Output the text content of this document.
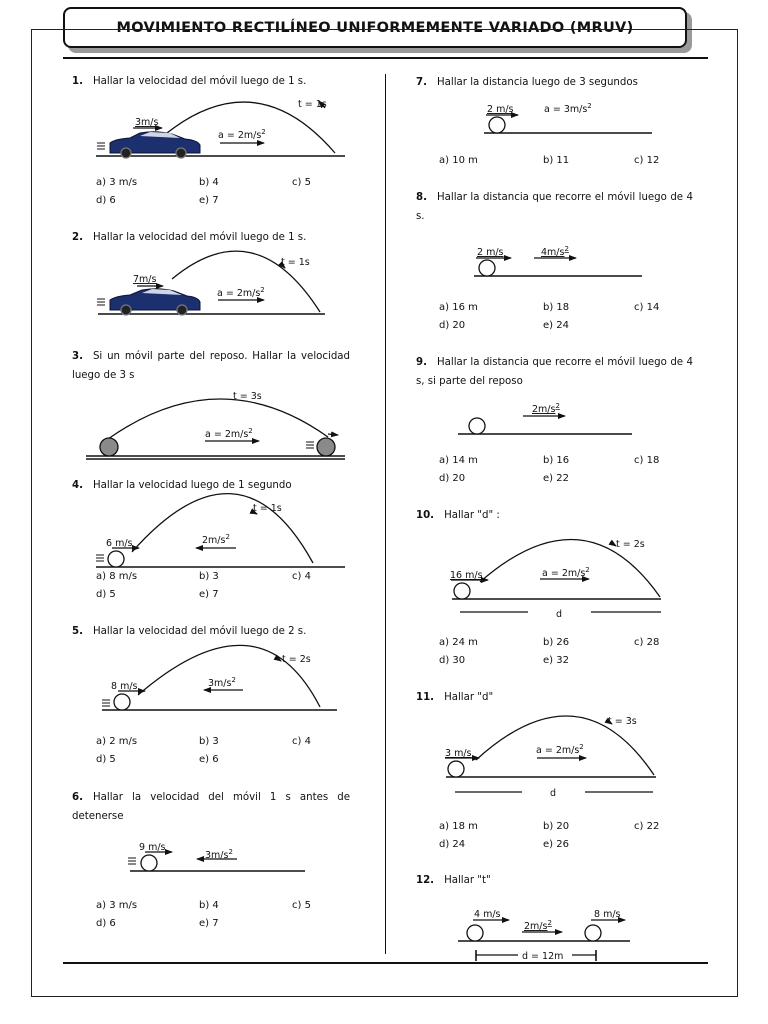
MOVIMIENTO RECTILÍNEO UNIFORMEMENTE VARIADO (MRUV)
1. Hallar la velocidad del móvil luego de 1 s.
a) 3 m/s	b) 4	c) 5
d) 6	e) 7
2. Hallar la velocidad del móvil luego de 1 s.
3. Si un móvil parte del reposo. Hallar la velocidad luego de 3 s
4. Hallar la velocidad luego de 1 segundo
a) 8 m/s	b) 3	c) 4
d) 5	e) 7
5. Hallar la velocidad del móvil luego de 2 s.
a) 2 m/s	b) 3	c) 4
d) 5	e) 6
6. Hallar la velocidad del móvil 1 s antes de detenerse
a) 3 m/s	b) 4	c) 5
d) 6	e) 7
7. Hallar la distancia luego de 3 segundos
a) 10 m	b) 11	c) 12
8. Hallar la distancia que recorre el móvil luego de 4 s.
a) 16 m	b) 18	c) 14
d) 20	e) 24
9. Hallar la distancia que recorre el móvil luego de 4 s, si parte del reposo
a) 14 m	b) 16	c) 18
d) 20	e) 22
10. Hallar "d" :
a) 24 m	b) 26	c) 28
d) 30	e) 32
11. Hallar "d"
a) 18 m	b) 20	c) 22
d) 24	e) 26
12. Hallar "t"
3m/s
t = 1s
$a = 2m/s^2$
7m/s
t = 1s
$a = 2m/s^2$
t = 3s
$a = 2m/s^2$
6 m/s
t = 1s
$2m/s^2$
8 m/s
t = 2s
$3m/s^2$
9 m/s
$3m/s^2$
2 m/s	$a = 3m/s^2$
2 m/s	$4m/s^2$
$2m/s^2$
16 m/s
t = 2s
$a = 2m/s^2$
d
3 m/s
t = 3s
$a = 2m/s^2$
d
4 m/s
$2m/s^2$
8 m/s
d = 12m
